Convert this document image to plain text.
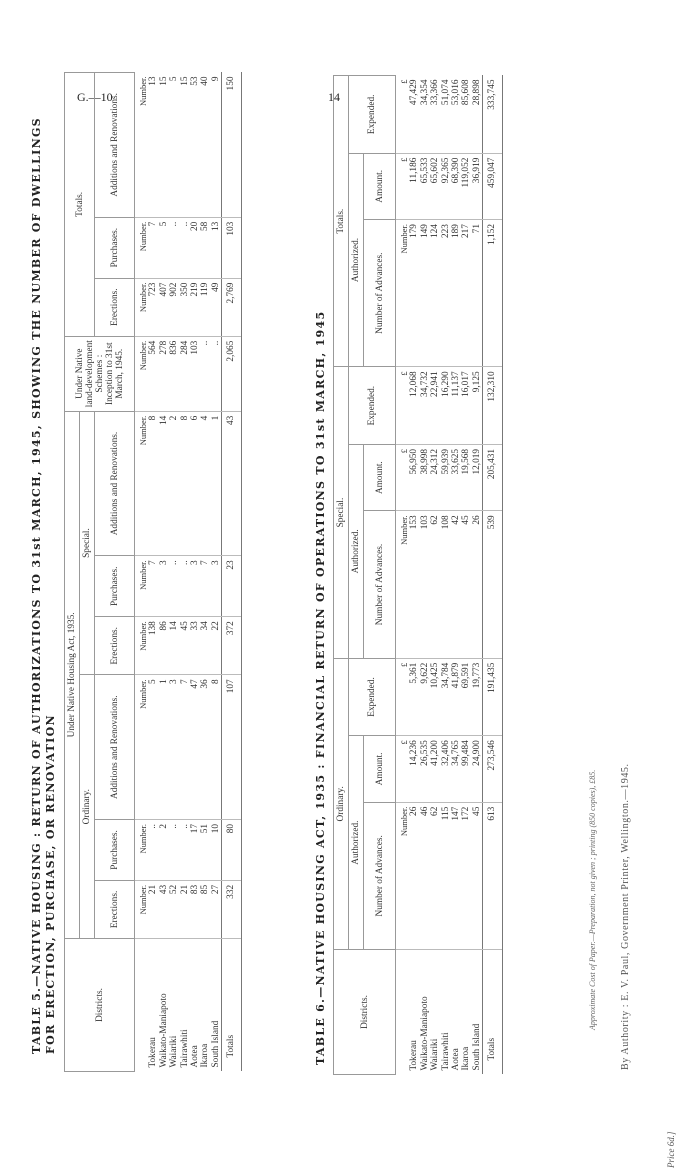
G.—10	14
TABLE 5.—NATIVE HOUSING : RETURN OF AUTHORIZATIONS TO 31st MARCH, 1945, SHOWING THE NUMBER OF DWELLINGS FOR ERECTION, PURCHASE, OR RENOVATION	Districts.	Under Native Housing Act, 1935.						Under Native land-development Schemes : Inception to 31st March, 1945.	Totals.		
	Ordinary.			Special.						
	Erections.	Purchases.	Additions and Renovations.	Erections.	Purchases.	Additions and Renovations.		Erections.	Purchases.	Additions and Renovations.
	Number.	Number.	Number.	Number.	Number.	Number.	Number.	Number.	Number.	Number.
Tokerau	21	..	5	138	7	8	564	723	7	13
Waikato-Maniapoto	43	2	1	86	3	14	278	407	5	15
Waiariki	52	..	3	14	..	2	836	902	..	5
Tairawhiti	21	..	7	45	..	8	284	350	..	15
Aotea	83	17	47	33	3	6	103	219	20	53
Ikaroa	85	51	36	34	7	4	..	119	58	40
South Island	27	10	8	22	3	1	..	49	13	9
Totals	332	80	107	372	23	43	2,065	2,769	103	150
TABLE 6.—NATIVE HOUSING ACT, 1935 : FINANCIAL RETURN OF OPERATIONS TO 31st MARCH, 1945	Districts.	Ordinary.			Special.			Totals.		
	Authorized.		Expended.	Authorized.		Expended.	Authorized.		Expended.
	Number of Advances.	Amount.		Number of Advances.	Amount.		Number of Advances.	Amount.	
	Number.	£	£	Number.	£	£	Number.	£	£
Tokerau	26	14,236	5,361	153	56,950	12,068	179	11,186	47,429
Waikato-Maniapoto	46	26,535	9,622	103	38,998	34,732	149	65,533	34,354
Waiariki	62	41,200	10,425	62	24,312	22,941	124	65,602	33,366
Tairawhiti	115	32,406	34,784	108	59,939	16,290	223	92,365	51,074
Aotea	147	34,765	41,879	42	33,625	11,137	189	68,390	53,016
Ikaroa	172	99,484	69,591	45	19,568	16,017	217	119,052	85,608
South Island	45	24,900	19,773	26	12,019	9,125	71	36,919	28,898
Totals	613	273,546	191,435	539	205,431	132,310	1,152	459,047	333,745
Approximate Cost of Paper.—Preparation, not given ; printing (850 copies), £85. By Authority : E. V. Paul, Government Printer, Wellington.—1945.
Price 6d.]
